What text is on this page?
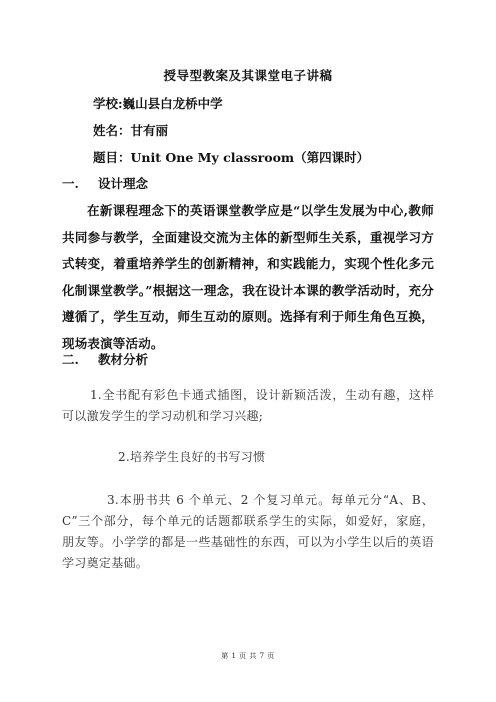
授导型教案及其课堂电子讲稿
学校:巍山县白龙桥中学
姓名：甘有丽
题目：Unit One My classroom（第四课时）
一. 设计理念
在新课程理念下的英语课堂教学应是“以学生发展为中心,教师共同参与教学，全面建设交流为主体的新型师生关系，重视学习方式转变，着重培养学生的创新精神，和实践能力，实现个性化多元化制课堂教学。”根据这一理念，我在设计本课的教学活动时，充分遵循了，学生互动，师生互动的原则。选择有利于师生角色互换，现场表演等活动。
二. 教材分析
1.全书配有彩色卡通式插图，设计新颖活泼，生动有趣，这样可以激发学生的学习动机和学习兴趣;
2.培养学生良好的书写习惯
3.本册书共 6 个单元、2 个复习单元。每单元分“A、B、C”三个部分，每个单元的话题都联系学生的实际，如爱好，家庭，朋友等。小学学的都是一些基础性的东西，可以为小学生以后的英语学习奠定基础。
第 1 页 共 7 页
